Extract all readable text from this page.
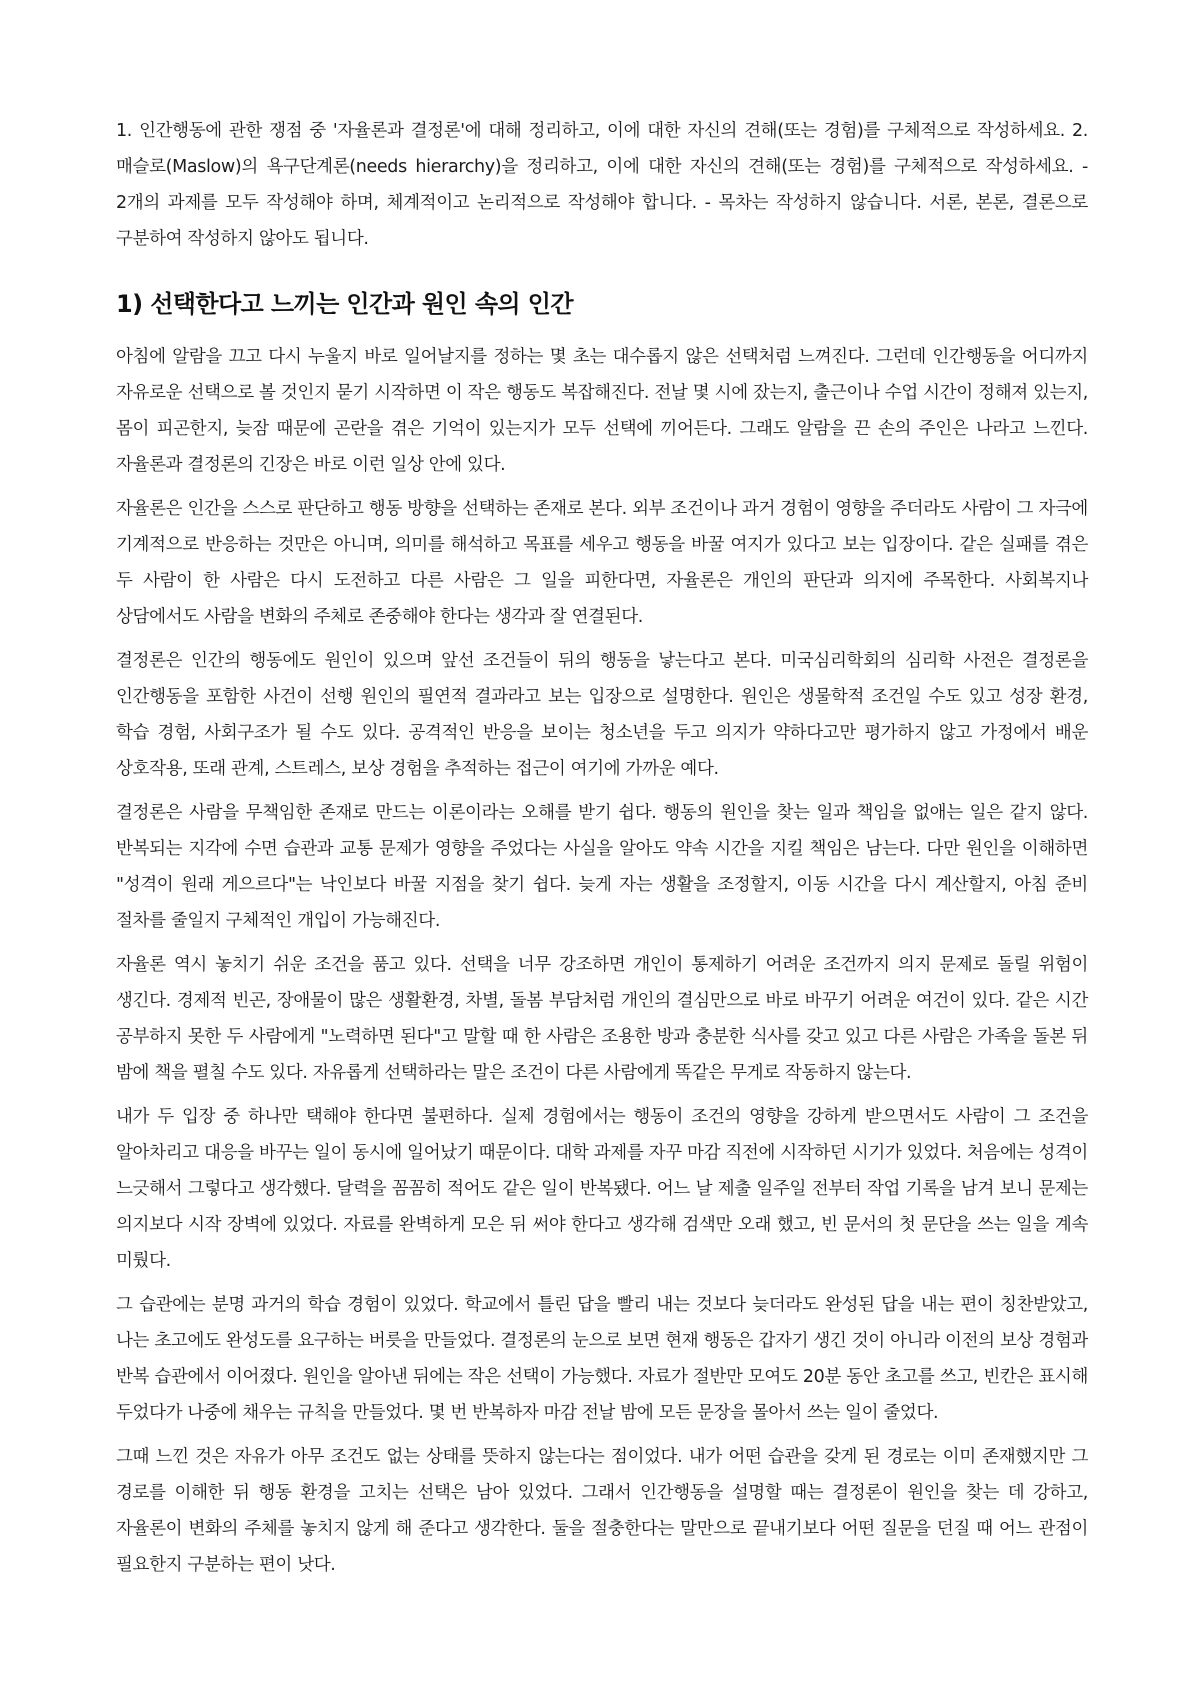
1. 인간행동에 관한 쟁점 중 '자율론과 결정론'에 대해 정리하고, 이에 대한 자신의 견해(또는 경험)를 구체적으로 작성하세요. 2. 매슬로(Maslow)의 욕구단계론(needs hierarchy)을 정리하고, 이에 대한 자신의 견해(또는 경험)를 구체적으로 작성하세요. - 2개의 과제를 모두 작성해야 하며, 체계적이고 논리적으로 작성해야 합니다. - 목차는 작성하지 않습니다. 서론, 본론, 결론으로 구분하여 작성하지 않아도 됩니다.

1) 선택한다고 느끼는 인간과 원인 속의 인간

아침에 알람을 끄고 다시 누울지 바로 일어날지를 정하는 몇 초는 대수롭지 않은 선택처럼 느껴진다. 그런데 인간행동을 어디까지 자유로운 선택으로 볼 것인지 묻기 시작하면 이 작은 행동도 복잡해진다. 전날 몇 시에 잤는지, 출근이나 수업 시간이 정해져 있는지, 몸이 피곤한지, 늦잠 때문에 곤란을 겪은 기억이 있는지가 모두 선택에 끼어든다. 그래도 알람을 끈 손의 주인은 나라고 느낀다. 자율론과 결정론의 긴장은 바로 이런 일상 안에 있다.

자율론은 인간을 스스로 판단하고 행동 방향을 선택하는 존재로 본다. 외부 조건이나 과거 경험이 영향을 주더라도 사람이 그 자극에 기계적으로 반응하는 것만은 아니며, 의미를 해석하고 목표를 세우고 행동을 바꿀 여지가 있다고 보는 입장이다. 같은 실패를 겪은 두 사람이 한 사람은 다시 도전하고 다른 사람은 그 일을 피한다면, 자율론은 개인의 판단과 의지에 주목한다. 사회복지나 상담에서도 사람을 변화의 주체로 존중해야 한다는 생각과 잘 연결된다.

결정론은 인간의 행동에도 원인이 있으며 앞선 조건들이 뒤의 행동을 낳는다고 본다. 미국심리학회의 심리학 사전은 결정론을 인간행동을 포함한 사건이 선행 원인의 필연적 결과라고 보는 입장으로 설명한다. 원인은 생물학적 조건일 수도 있고 성장 환경, 학습 경험, 사회구조가 될 수도 있다. 공격적인 반응을 보이는 청소년을 두고 의지가 약하다고만 평가하지 않고 가정에서 배운 상호작용, 또래 관계, 스트레스, 보상 경험을 추적하는 접근이 여기에 가까운 예다.

결정론은 사람을 무책임한 존재로 만드는 이론이라는 오해를 받기 쉽다. 행동의 원인을 찾는 일과 책임을 없애는 일은 같지 않다. 반복되는 지각에 수면 습관과 교통 문제가 영향을 주었다는 사실을 알아도 약속 시간을 지킬 책임은 남는다. 다만 원인을 이해하면 "성격이 원래 게으르다"는 낙인보다 바꿀 지점을 찾기 쉽다. 늦게 자는 생활을 조정할지, 이동 시간을 다시 계산할지, 아침 준비 절차를 줄일지 구체적인 개입이 가능해진다.

자율론 역시 놓치기 쉬운 조건을 품고 있다. 선택을 너무 강조하면 개인이 통제하기 어려운 조건까지 의지 문제로 돌릴 위험이 생긴다. 경제적 빈곤, 장애물이 많은 생활환경, 차별, 돌봄 부담처럼 개인의 결심만으로 바로 바꾸기 어려운 여건이 있다. 같은 시간 공부하지 못한 두 사람에게 "노력하면 된다"고 말할 때 한 사람은 조용한 방과 충분한 식사를 갖고 있고 다른 사람은 가족을 돌본 뒤 밤에 책을 펼칠 수도 있다. 자유롭게 선택하라는 말은 조건이 다른 사람에게 똑같은 무게로 작동하지 않는다.

내가 두 입장 중 하나만 택해야 한다면 불편하다. 실제 경험에서는 행동이 조건의 영향을 강하게 받으면서도 사람이 그 조건을 알아차리고 대응을 바꾸는 일이 동시에 일어났기 때문이다. 대학 과제를 자꾸 마감 직전에 시작하던 시기가 있었다. 처음에는 성격이 느긋해서 그렇다고 생각했다. 달력을 꼼꼼히 적어도 같은 일이 반복됐다. 어느 날 제출 일주일 전부터 작업 기록을 남겨 보니 문제는 의지보다 시작 장벽에 있었다. 자료를 완벽하게 모은 뒤 써야 한다고 생각해 검색만 오래 했고, 빈 문서의 첫 문단을 쓰는 일을 계속 미뤘다.

그 습관에는 분명 과거의 학습 경험이 있었다. 학교에서 틀린 답을 빨리 내는 것보다 늦더라도 완성된 답을 내는 편이 칭찬받았고, 나는 초고에도 완성도를 요구하는 버릇을 만들었다. 결정론의 눈으로 보면 현재 행동은 갑자기 생긴 것이 아니라 이전의 보상 경험과 반복 습관에서 이어졌다. 원인을 알아낸 뒤에는 작은 선택이 가능했다. 자료가 절반만 모여도 20분 동안 초고를 쓰고, 빈칸은 표시해 두었다가 나중에 채우는 규칙을 만들었다. 몇 번 반복하자 마감 전날 밤에 모든 문장을 몰아서 쓰는 일이 줄었다.

그때 느낀 것은 자유가 아무 조건도 없는 상태를 뜻하지 않는다는 점이었다. 내가 어떤 습관을 갖게 된 경로는 이미 존재했지만 그 경로를 이해한 뒤 행동 환경을 고치는 선택은 남아 있었다. 그래서 인간행동을 설명할 때는 결정론이 원인을 찾는 데 강하고, 자율론이 변화의 주체를 놓치지 않게 해 준다고 생각한다. 둘을 절충한다는 말만으로 끝내기보다 어떤 질문을 던질 때 어느 관점이 필요한지 구분하는 편이 낫다.
